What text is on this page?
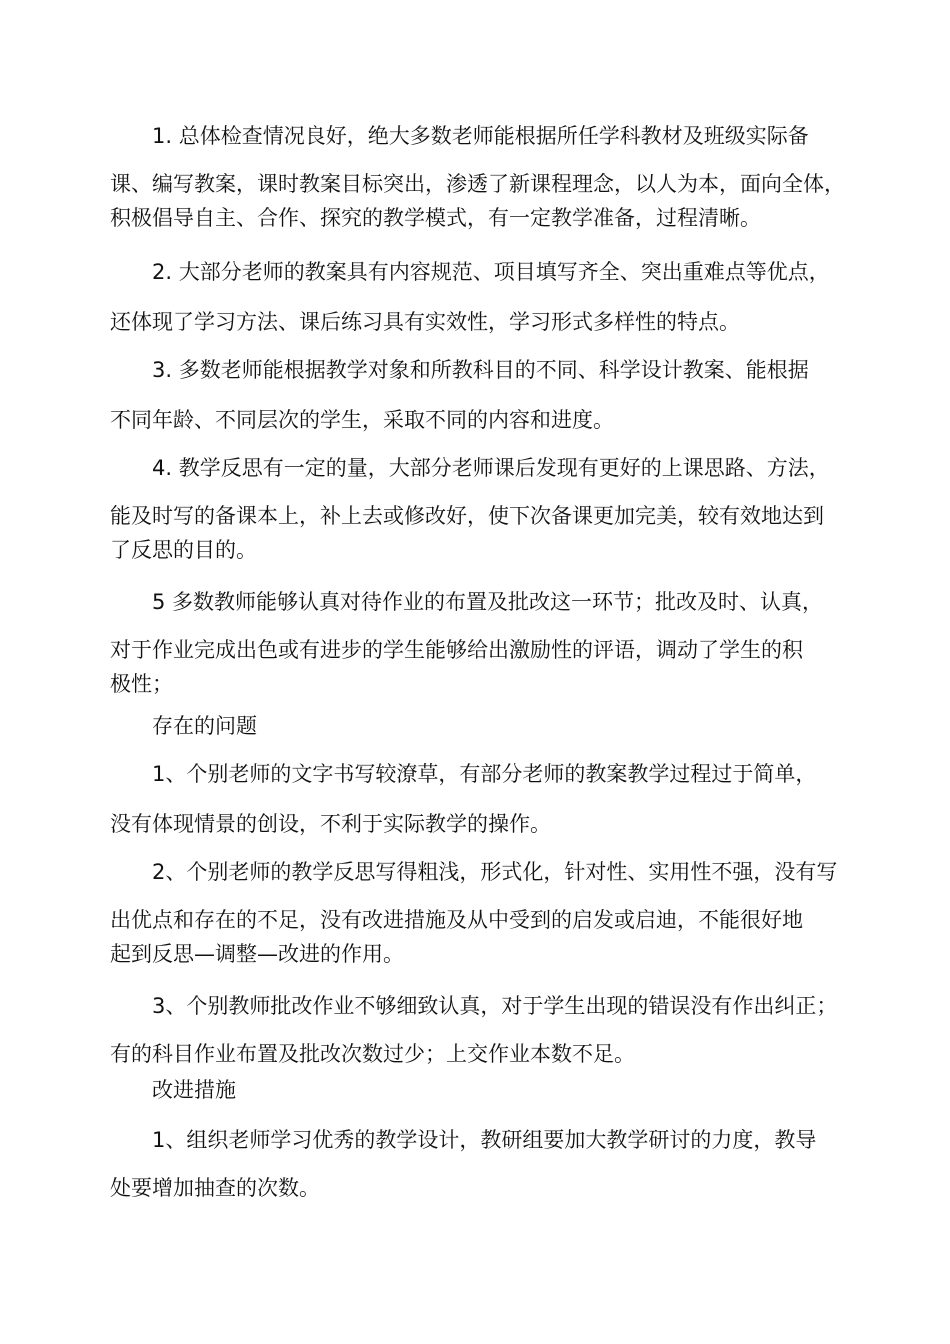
1. 总体检查情况良好，绝大多数老师能根据所任学科教材及班级实际备
课、编写教案，课时教案目标突出，渗透了新课程理念，以人为本，面向全体，
积极倡导自主、合作、探究的教学模式，有一定教学准备，过程清晰。
2. 大部分老师的教案具有内容规范、项目填写齐全、突出重难点等优点，
还体现了学习方法、课后练习具有实效性，学习形式多样性的特点。
3. 多数老师能根据教学对象和所教科目的不同、科学设计教案、能根据
不同年龄、不同层次的学生，采取不同的内容和进度。
4. 教学反思有一定的量，大部分老师课后发现有更好的上课思路、方法，
能及时写的备课本上，补上去或修改好，使下次备课更加完美，较有效地达到
了反思的目的。
5 多数教师能够认真对待作业的布置及批改这一环节；批改及时、认真，
对于作业完成出色或有进步的学生能够给出激励性的评语，调动了学生的积
极性；
存在的问题
1、个别老师的文字书写较潦草，有部分老师的教案教学过程过于简单，
没有体现情景的创设，不利于实际教学的操作。
2、个别老师的教学反思写得粗浅，形式化，针对性、实用性不强，没有写
出优点和存在的不足，没有改进措施及从中受到的启发或启迪，不能很好地
起到反思—调整—改进的作用。
3、个别教师批改作业不够细致认真，对于学生出现的错误没有作出纠正；
有的科目作业布置及批改次数过少；上交作业本数不足。
改进措施
1、组织老师学习优秀的教学设计，教研组要加大教学研讨的力度，教导
处要增加抽查的次数。
